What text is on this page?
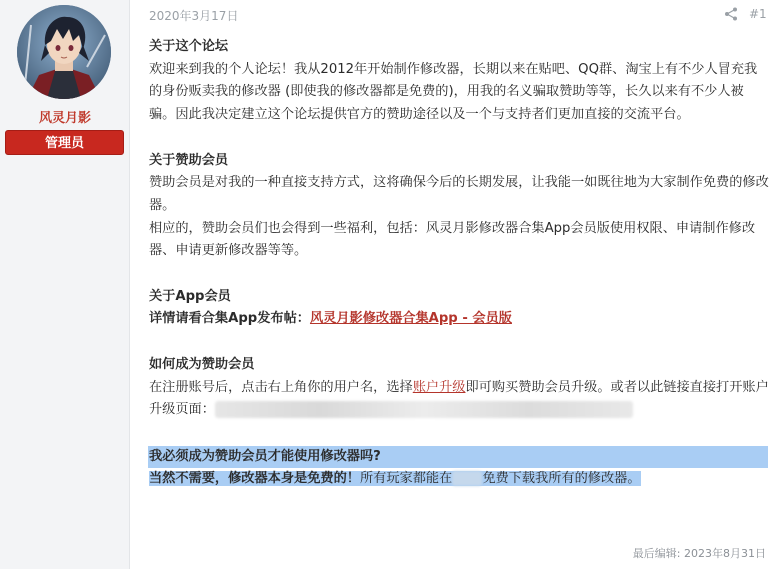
风灵月影
管理员
2020年3月17日	#1

关于这个论坛

欢迎来到我的个人论坛！我从2012年开始制作修改器，长期以来在贴吧、QQ群、淘宝上有不少人冒充我的身份贩卖我的修改器 (即使我的修改器都是免费的)，用我的名义骗取赞助等等，长久以来有不少人被骗。因此我决定建立这个论坛提供官方的赞助途径以及一个与支持者们更加直接的交流平台。

关于赞助会员

赞助会员是对我的一种直接支持方式，这将确保今后的长期发展，让我能一如既往地为大家制作免费的修改器。

相应的，赞助会员们也会得到一些福利，包括：风灵月影修改器合集App会员版使用权限、申请制作修改器、申请更新修改器等等。

关于App会员

详情请看合集App发布帖：风灵月影修改器合集App - 会员版

如何成为赞助会员

在注册账号后，点击右上角你的用户名，选择账户升级即可购买赞助会员升级。或者以此链接直接打开账户升级页面：

我必须成为赞助会员才能使用修改器吗?
当然不需要，修改器本身是免费的！所有玩家都能在 免费下载我所有的修改器。
最后编辑: 2023年8月31日
